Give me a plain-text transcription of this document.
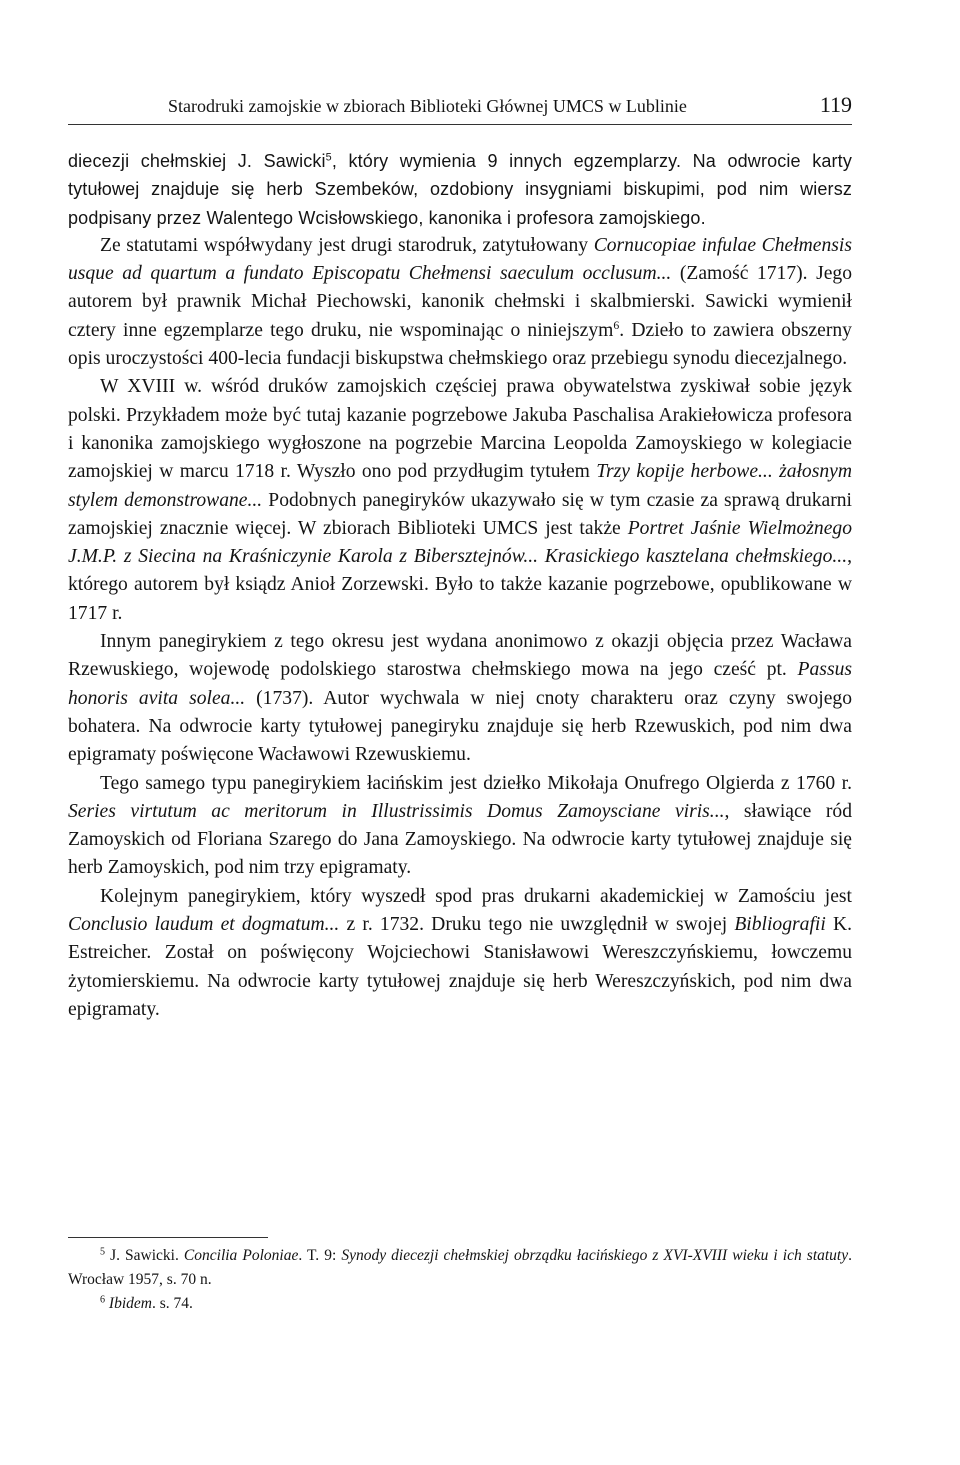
Starodruki zamojskie w zbiorach Biblioteki Głównej UMCS w Lublinie	119

diecezji chełmskiej J. Sawicki$^5$, który wymienia 9 innych egzemplarzy. Na odwrocie karty tytułowej znajduje się herb Szembeków, ozdobiony insygniami biskupimi, pod nim wiersz podpisany przez Walentego Wcisłowskiego, kanonika i profesora zamojskiego.

Ze statutami współwydany jest drugi starodruk, zatytułowany Cornucopiae infulae Chełmensis usque ad quartum a fundato Episcopatu Chełmensi saeculum occlusum... (Zamość 1717). Jego autorem był prawnik Michał Piechowski, kanonik chełmski i skalbmierski. Sawicki wymienił cztery inne egzemplarze tego druku, nie wspominając o niniejszym$^6$. Dzieło to zawiera obszerny opis uroczystości 400-lecia fundacji biskupstwa chełmskiego oraz przebiegu synodu diecezjalnego.

W XVIII w. wśród druków zamojskich częściej prawa obywatelstwa zyskiwał sobie język polski. Przykładem może być tutaj kazanie pogrzebowe Jakuba Paschalisa Arakiełowicza profesora i kanonika zamojskiego wygłoszone na pogrzebie Marcina Leopolda Zamoyskiego w kolegiacie zamojskiej w marcu 1718 r. Wyszło ono pod przydługim tytułem Trzy kopije herbowe... żałosnym stylem demonstrowane... Podobnych panegiryków ukazywało się w tym czasie za sprawą drukarni zamojskiej znacznie więcej. W zbiorach Biblioteki UMCS jest także Portret Jaśnie Wielmożnego J.M.P. z Siecina na Kraśniczynie Karola z Bibersztejnów... Krasickiego kasztelana chełmskiego..., którego autorem był ksiądz Anioł Zorzewski. Było to także kazanie pogrzebowe, opublikowane w 1717 r.

Innym panegirykiem z tego okresu jest wydana anonimowo z okazji objęcia przez Wacława Rzewuskiego, wojewodę podolskiego starostwa chełmskiego mowa na jego cześć pt. Passus honoris avita solea... (1737). Autor wychwala w niej cnoty charakteru oraz czyny swojego bohatera. Na odwrocie karty tytułowej panegiryku znajduje się herb Rzewuskich, pod nim dwa epigramaty poświęcone Wacławowi Rzewuskiemu.

Tego samego typu panegirykiem łacińskim jest dziełko Mikołaja Onufrego Olgierda z 1760 r. Series virtutum ac meritorum in Illustrissimis Domus Zamoysciane viris..., sławiące ród Zamoyskich od Floriana Szarego do Jana Zamoyskiego. Na odwrocie karty tytułowej znajduje się herb Zamoyskich, pod nim trzy epigramaty.

Kolejnym panegirykiem, który wyszedł spod pras drukarni akademickiej w Zamościu jest Conclusio laudum et dogmatum... z r. 1732. Druku tego nie uwzględnił w swojej Bibliografii K. Estreicher. Został on poświęcony Wojciechowi Stanisławowi Wereszczyńskiemu, łowczemu żytomierskiemu. Na odwrocie karty tytułowej znajduje się herb Wereszczyńskich, pod nim dwa epigramaty.

$^5$ J. Sawicki. Concilia Poloniae. T. 9: Synody diecezji chełmskiej obrządku łacińskiego z XVI-XVIII wieku i ich statuty. Wrocław 1957, s. 70 n.

$^6$ Ibidem. s. 74.
